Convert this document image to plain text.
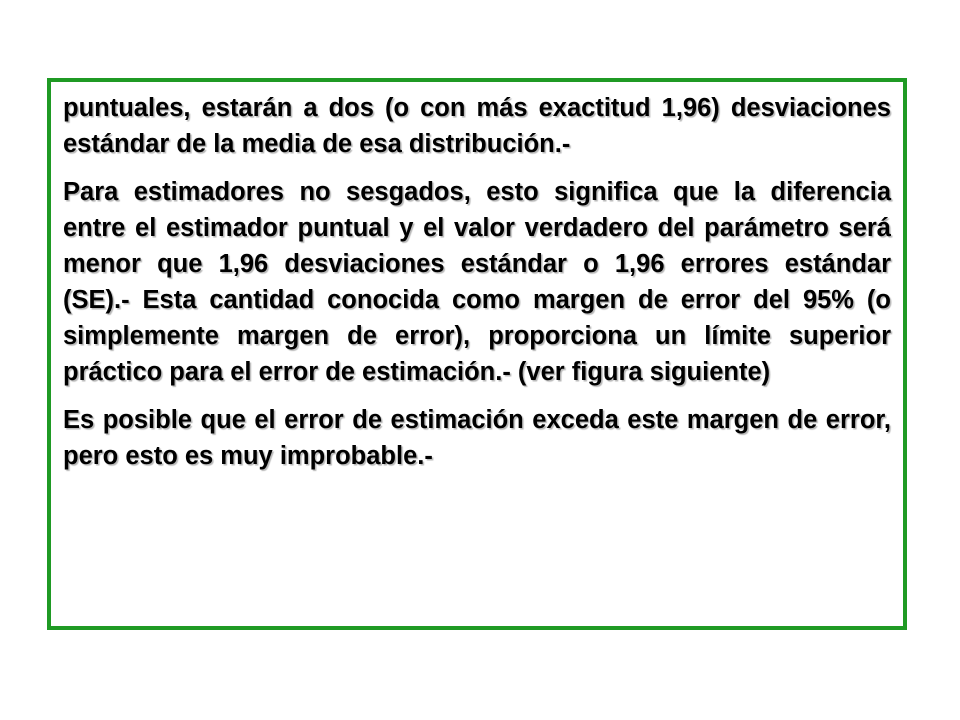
puntuales, estarán a dos (o con más exactitud 1,96) desviaciones estándar de la media de esa distribución.-

Para estimadores no sesgados, esto significa que la diferencia entre el estimador puntual y el valor verdadero del parámetro será menor que 1,96 desviaciones estándar o 1,96 errores estándar (SE).- Esta cantidad conocida como margen de error del 95% (o simplemente margen de error), proporciona un límite superior práctico para el error de estimación.- (ver figura siguiente)

Es posible que el error de estimación exceda este margen de error, pero esto es muy improbable.-
